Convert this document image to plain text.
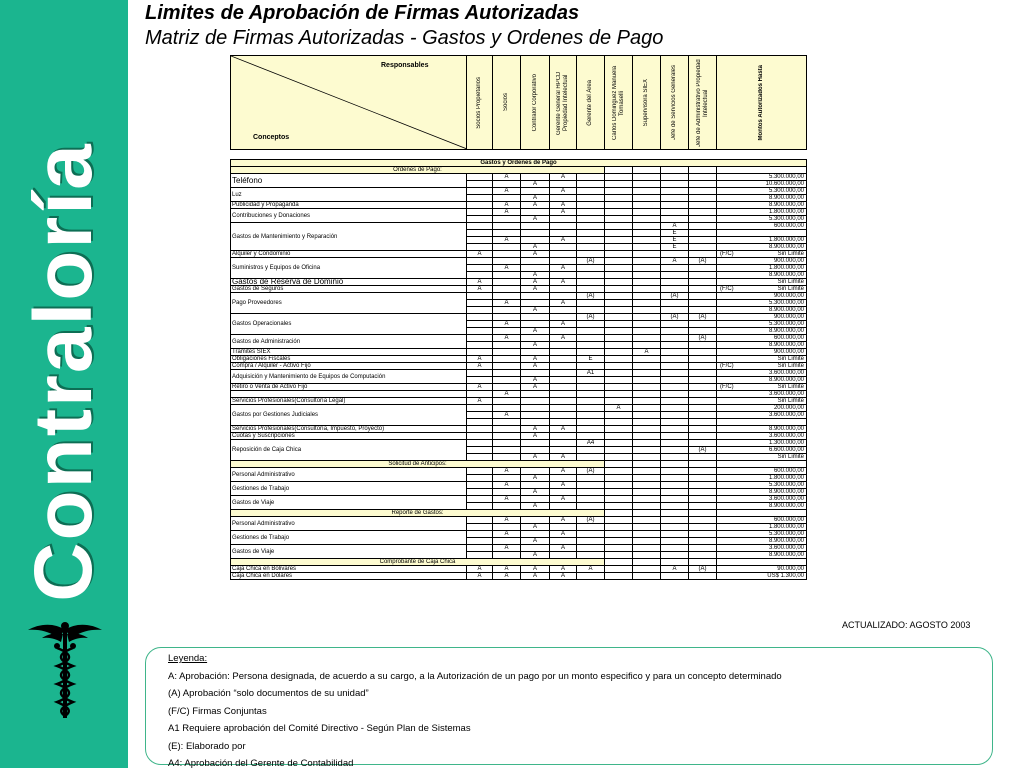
Contraloría
Limites de Aprobación de Firmas Autorizadas
Matriz de Firmas Autorizadas - Gastos y Ordenes de Pago
Responsables
Conceptos

Socios Propietarios	Socios	Contralor Corporativo	Gerente General HPCD Propiedad Intelectual	Gerente del Área	Carlos Dominguez Manuela Tomaselli	Supervisora SIEX	Jefe de Servicios Generales	Jefe de Administrativo Propiedad Intelectual	Montos Autorizados Hasta
Gastos y Ordenes de Pago										
Ordenes de Pago:										
Teléfono		A		A						5.300.000,00

			A							10.600.000,00

Luz		A		A						5.300.000,00

			A							8.900.000,00

Publicidad y Propaganda		A	A	A						8.900.000,00

Contribuciones y Donaciones		A		A						1.800.000,00

			A							5.300.000,00

Gastos de Mantenimiento y Reparación								A		600.000,00

								E		

		A		A				E		1.800.000,00

			A					E		8.900.000,00

Alquiler y Condominio	A		A							(F/C) Sin Limite

Suministros y Equipos de Oficina					(A)			A	(A)	900.000,00

		A		A						1.800.000,00

			A							8.900.000,00

Gastos de Reserva de Dominio	A		A	A						Sin Limite

Gastos de Seguros	A		A							(F/C) Sin Limite

Pago Proveedores					(A)			(A)		900.000,00

		A		A						5.300.000,00

			A							8.900.000,00

Gastos Operacionales					(A)			(A)	(A)	900.000,00

		A		A						5.300.000,00

			A							8.900.000,00

Gastos de Administración		A		A					(A)	600.000,00

			A							8.900.000,00

Tramites SIEX							A			900.000,00

Obligaciones Fiscales	A		A		E					Sin Limite

Compra / Alquiler - Activo Fijo	A		A							(F/C) Sin Limite

Adquisición y Mantenimiento de Equipos de Computación					A1					3.600.000,00

			A							8.900.000,00

Retiro o Venta de Activo Fijo	A		A							(F/C) Sin Limite

		A								3.600.000,00

Servicios Profesionales(Consultoría Legal)	A									Sin Limite

Gastos por Gestiones Judiciales						A				200.000,00

		A								3.600.000,00

Servicios Profesionales(Consultoría, Impuesto, Proyecto)			A	A						8.900.000,00

Cuotas y Suscripciones			A							3.600.000,00

Reposición de Caja Chica					A4					1.300.000,00

									(A)	6.600.000,00

			A	A						Sin Limite

Solicitud de Anticipos:										
Personal Administrativo		A		A	(A)					600.000,00

			A							1.800.000,00

Gestiones de Trabajo		A		A						5.300.000,00

			A							8.900.000,00

Gastos de Viaje		A		A						3.600.000,00

			A							8.900.000,00

Reporte de Gastos:										
Personal Administrativo		A		A	(A)					600.000,00

			A							1.800.000,00

Gestiones de Trabajo		A		A						5.300.000,00

			A							8.900.000,00

Gastos de Viaje		A		A						3.600.000,00

			A							8.900.000,00

Comprobante de Caja Chica										
Caja Chica en Bolivares	A	A	A	A	A			A	(A)	90.000,00

Caja Chica en Dolares	A	A	A	A						US$ 1.300,00
ACTUALIZADO: AGOSTO 2003
Leyenda:
A: Aprobación: Persona designada, de acuerdo a su cargo, a la Autorización de un pago por un monto especifico y para un concepto determinado
(A) Aprobación “solo documentos de su unidad”
(F/C) Firmas Conjuntas
A1 Requiere aprobación del Comité Directivo - Según Plan de Sistemas
(E): Elaborado por
A4: Aprobación del Gerente de Contabilidad
